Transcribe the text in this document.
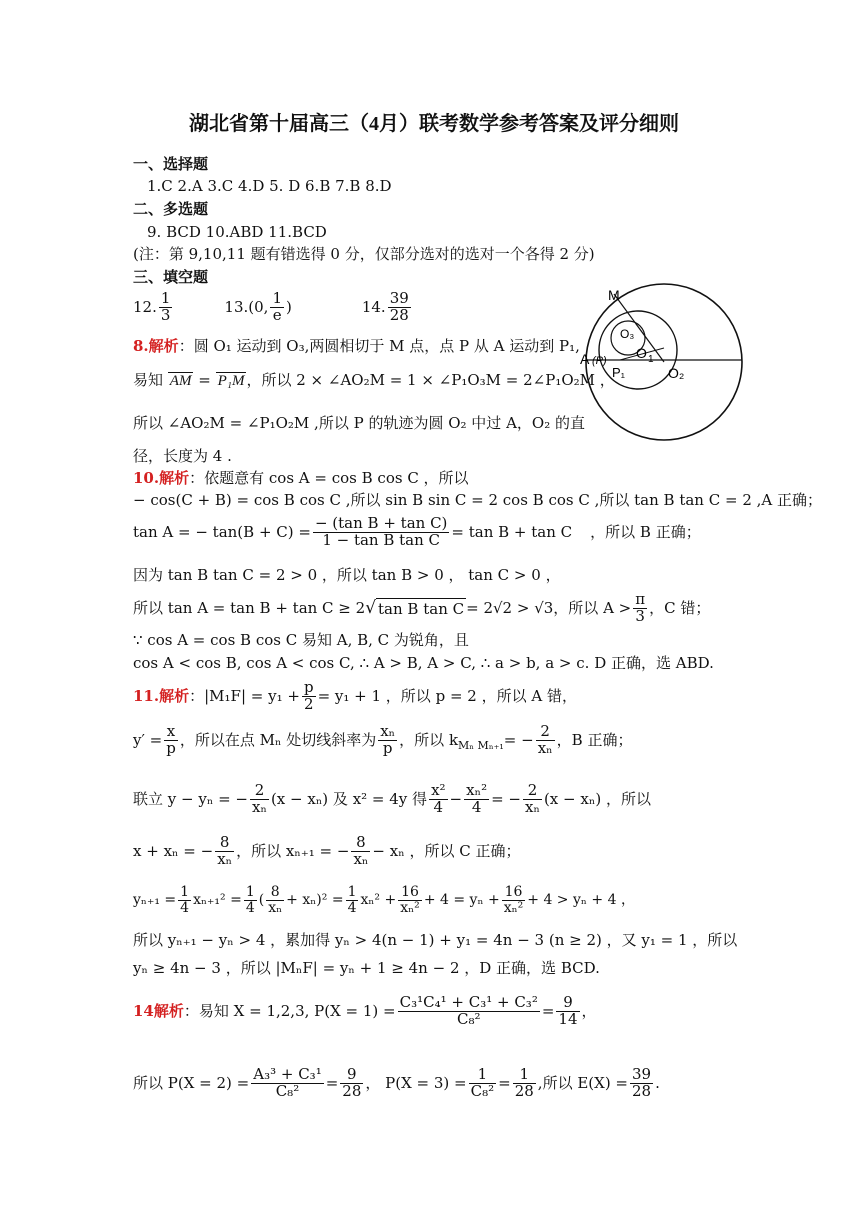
湖北省第十届高三（4月）联考数学参考答案及评分细则
一、选择题
1.C 2.A 3.C 4.D 5. D 6.B 7.B 8.D
二、多选题
9. BCD 10.ABD 11.BCD
(注：第 9,10,11 题有错选得 0 分，仅部分选对的选对一个各得 2 分)
三、填空题
12. $\frac{1}{3}$	13. (0, $\frac{1}{e}$ )	14. $\frac{39}{28}$	M
O₃
A (P) O 1
P₁	O₂
8.解析：圆 O₁ 运动到 O₃,两圆相切于 M 点，点 P 从 A 运动到 P₁,
易知 AM = P₁M ，所以 2 × ∠AO₂M = 1 × ∠P₁O₃M = 2∠P₁O₂M ，
所以 ∠AO₂M = ∠P₁O₂M ,所以 P 的轨迹为圆 O₂ 中过 A，O₂ 的直
径，长度为 4 .
10.解析：依题意有 cos A = cos B cos C ，所以
− cos(C + B) = cos B cos C ,所以 sin B sin C = 2 cos B cos C ,所以 tan B tan C = 2 ,A 正确；
tan A = − $\tan(B + C) = \frac{\text{− (tan B + tan C)}}{\text{1 − tan B tan C}} = \tan B + \tan C$ ，所以 B 正确；
因为 tan B tan C = 2 > 0 ，所以 tan B > 0 ， tan C > 0 ，
所以
tan A = tan B + tan C ≥ 2 √ tan B tan C = 2√2 > √3 ，所以 $A > \frac{\pi}{3}$ ，C 错；
∵ cos A = cos B cos C 易知 A, B, C 为锐角，且
cos A < cos B, cos A < cos C, ∴ A > B, A > C, ∴ a > b, a > c. D 正确，选 ABD.
11. 解析 ：$|M_1F| = y_1 + \frac{p}{2} = y_1 + 1$ ，所以 p = 2 ，所以 A 错，
$y' = \frac{x}{p}$ ，所以在点 Mₙ 处切线斜率为 $\frac{\text{xₙ}}{p}$ ，所以 k Mₙ Mₙ₊₁ = − $\frac{2}{\text{xₙ}}$ ，B 正确；
联立 y − yₙ = − $\frac{2}{\text{xₙ}} (x - x_n)$ 及 x² = 4y 得 $\frac{\text{x²}}{4} - \frac{\text{xₙ²}}{4}$ = − $\frac{2}{\text{xₙ}} (x - x_n)$ ，所以
x + xₙ = − $\frac{8}{\text{xₙ}}$ ，所以 xₙ₊₁ = − $\frac{8}{\text{xₙ}} - x_n$ ，所以 C 正确；
$y_{n+1} = \frac{1}{4} x_{n+1}^2 = \frac{1}{4}$ ( $\frac{8}{\text{xₙ}} + x_n)^2 = \frac{1}{4} x_n^2 + \frac{16}{\text{xₙ²}} + 4 = y_n + \frac{16}{\text{xₙ²}} + 4 > y_n + 4$ ，
所以 yₙ₊₁ − yₙ > 4 ，累加得 yₙ > 4(n − 1) + y₁ = 4n − 3 (n ≥ 2) ，又 y₁ = 1 ，所以
yₙ ≥ 4n − 3 ，所以 |MₙF| = yₙ + 1 ≥ 4n − 2 ，D 正确，选 BCD.
14 解析 ：易知 X = 1,2,3, $P(X = 1) = \frac{\text{C₃¹C₄¹ + C₃¹ + C₃²}}{\text{C₈²}} = \frac{9}{14}$ ，
所以 $P(X = 2) = \frac{\text{A₃³ + C₃¹}}{\text{C₈²}} = \frac{9}{28}$ ， $P(X = 3) = \frac{1}{\text{C₈²}} = \frac{1}{28}$ ,所以 $E(X) = \frac{39}{28}$ .
